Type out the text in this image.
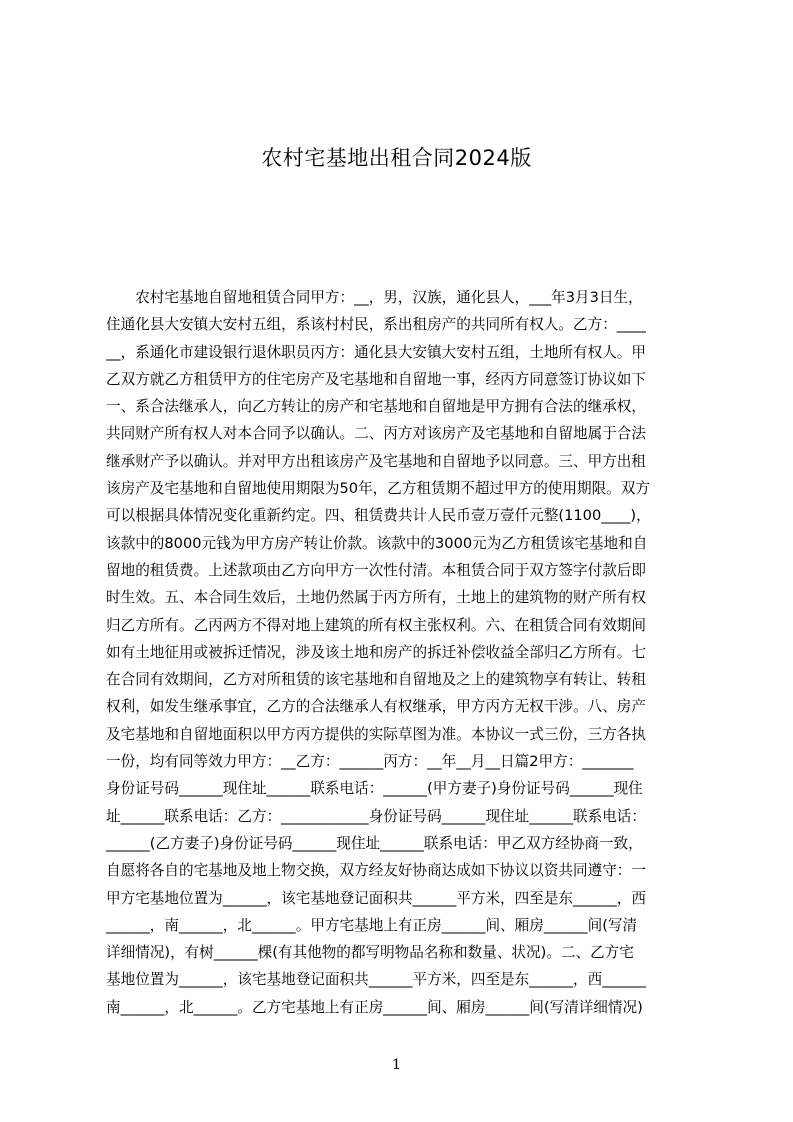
农村宅基地出租合同2024版
　　农村宅基地自留地租赁合同甲方：__，男，汉族，通化县人，___年3月3日生，
住通化县大安镇大安村五组，系该村村民，系出租房产的共同所有权人。乙方：____
__，系通化市建设银行退休职员丙方：通化县大安镇大安村五组，土地所有权人。甲
乙双方就乙方租赁甲方的住宅房产及宅基地和自留地一事，经丙方同意签订协议如下
一、系合法继承人，向乙方转让的房产和宅基地和自留地是甲方拥有合法的继承权，
共同财产所有权人对本合同予以确认。二、丙方对该房产及宅基地和自留地属于合法
继承财产予以确认。并对甲方出租该房产及宅基地和自留地予以同意。三、甲方出租
该房产及宅基地和自留地使用期限为50年，乙方租赁期不超过甲方的使用期限。双方
可以根据具体情况变化重新约定。四、租赁费共计人民币壹万壹仟元整(1100____)，
该款中的8000元钱为甲方房产转让价款。该款中的3000元为乙方租赁该宅基地和自
留地的租赁费。上述款项由乙方向甲方一次性付清。本租赁合同于双方签字付款后即
时生效。五、本合同生效后，土地仍然属于丙方所有，土地上的建筑物的财产所有权
归乙方所有。乙丙两方不得对地上建筑的所有权主张权利。六、在租赁合同有效期间
如有土地征用或被拆迁情况，涉及该土地和房产的拆迁补偿收益全部归乙方所有。七
在合同有效期间，乙方对所租赁的该宅基地和自留地及之上的建筑物享有转让、转租
权利，如发生继承事宜，乙方的合法继承人有权继承，甲方丙方无权干涉。八、房产
及宅基地和自留地面积以甲方丙方提供的实际草图为准。本协议一式三份，三方各执
一份，均有同等效力甲方：__乙方：______丙方：__年__月__日篇2甲方：_______
身份证号码______现住址______联系电话：______(甲方妻子)身份证号码______现住
址______联系电话：乙方：____________身份证号码______现住址______联系电话：
______(乙方妻子)身份证号码______现住址______联系电话：甲乙双方经协商一致，
自愿将各自的宅基地及地上物交换，双方经友好协商达成如下协议以资共同遵守：一
甲方宅基地位置为______，该宅基地登记面积共______平方米，四至是东______，西
______，南______，北______。甲方宅基地上有正房______间、厢房______间(写清
详细情况)，有树______棵(有其他物的都写明物品名称和数量、状况)。二、乙方宅
基地位置为______，该宅基地登记面积共______平方米，四至是东______，西______
南______，北______。乙方宅基地上有正房______间、厢房______间(写清详细情况)
1
